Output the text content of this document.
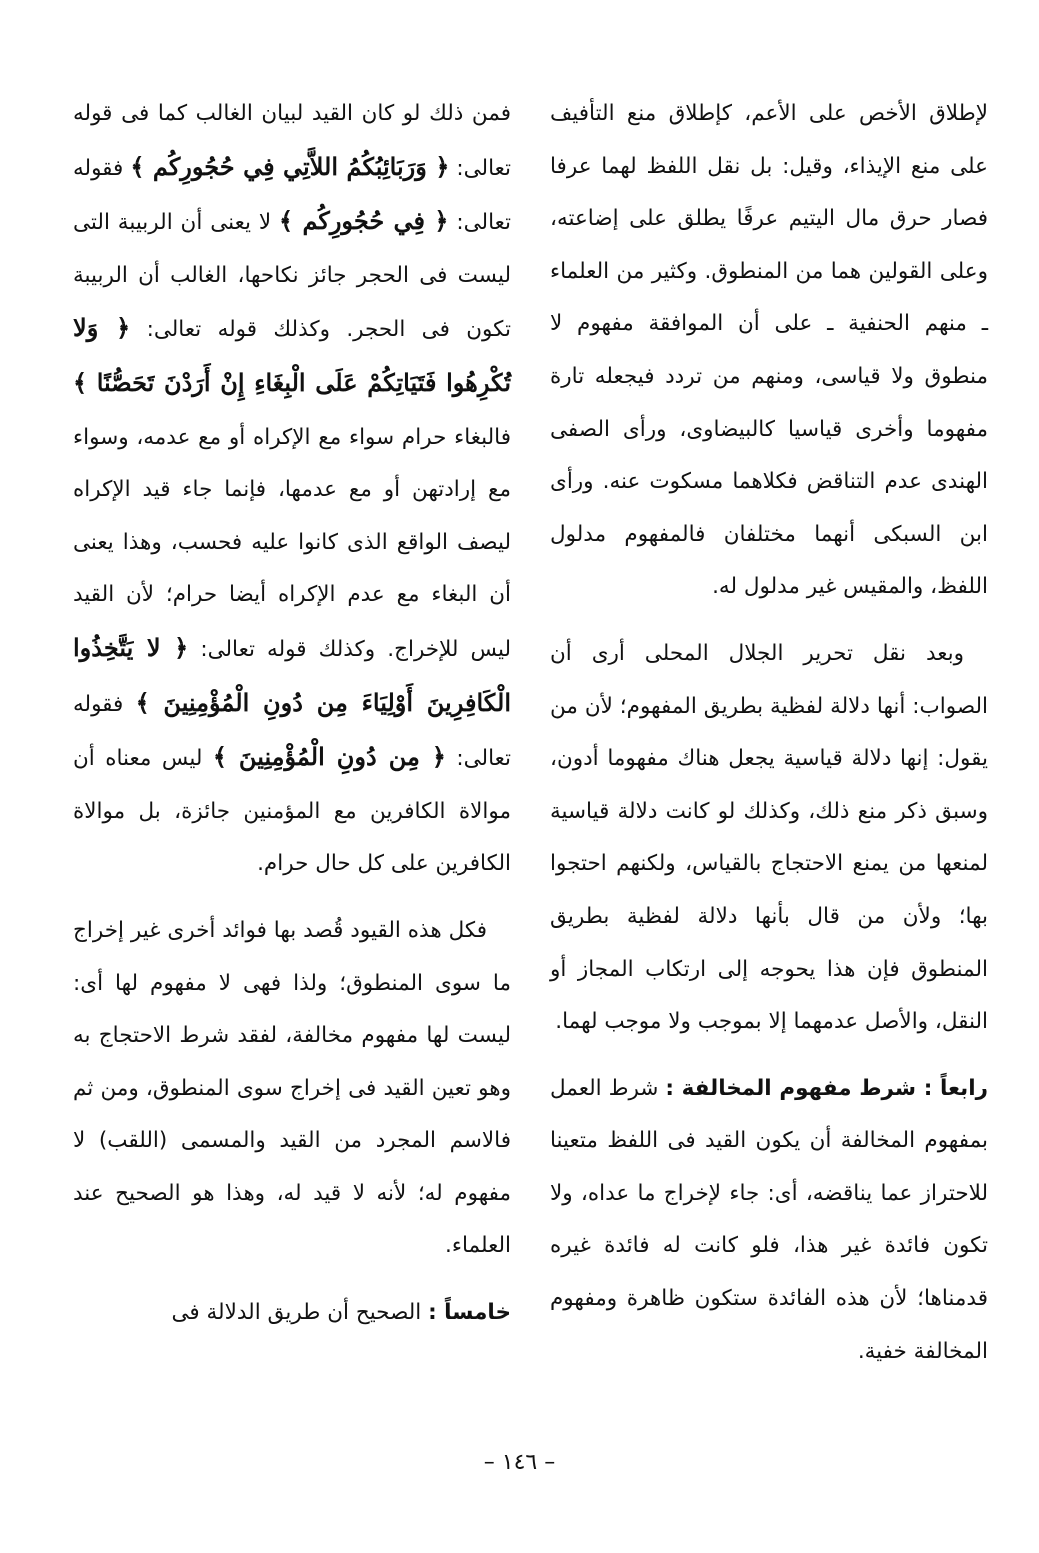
لإطلاق الأخص على الأعم، كإطلاق منع التأفيف على منع الإيذاء، وقيل: بل نقل اللفظ لهما عرفا فصار حرق مال اليتيم عرفًا يطلق على إضاعته، وعلى القولين هما من المنطوق. وكثير من العلماء ـ منهم الحنفية ـ على أن الموافقة مفهوم لا منطوق ولا قياسى، ومنهم من تردد فيجعله تارة مفهوما وأخرى قياسيا كالبيضاوى، ورأى الصفى الهندى عدم التناقض فكلاهما مسكوت عنه. ورأى ابن السبكى أنهما مختلفان فالمفهوم مدلول اللفظ، والمقيس غير مدلول له.

وبعد نقل تحرير الجلال المحلى أرى أن الصواب: أنها دلالة لفظية بطريق المفهوم؛ لأن من يقول: إنها دلالة قياسية يجعل هناك مفهوما أدون، وسبق ذكر منع ذلك، وكذلك لو كانت دلالة قياسية لمنعها من يمنع الاحتجاج بالقياس، ولكنهم احتجوا بها؛ ولأن من قال بأنها دلالة لفظية بطريق المنطوق فإن هذا يحوجه إلى ارتكاب المجاز أو النقل، والأصل عدمهما إلا بموجب ولا موجب لهما.

رابعاً : شرط مفهوم المخالفة : شرط العمل بمفهوم المخالفة أن يكون القيد فى اللفظ متعينا للاحتراز عما يناقضه، أى: جاء لإخراج ما عداه، ولا تكون فائدة غير هذا، فلو كانت له فائدة غيره قدمناها؛ لأن هذه الفائدة ستكون ظاهرة ومفهوم المخالفة خفية.

فمن ذلك لو كان القيد لبيان الغالب كما فى قوله تعالى: ﴿ وَرَبَائِبُكُمُ اللاَّتِي فِي حُجُورِكُم ﴾ فقوله تعالى: ﴿ فِي حُجُورِكُم ﴾ لا يعنى أن الربيبة التى ليست فى الحجر جائز نكاحها، الغالب أن الربيبة تكون فى الحجر. وكذلك قوله تعالى: ﴿ وَلا تُكْرِهُوا فَتَيَاتِكُمْ عَلَى الْبِغَاءِ إِنْ أَرَدْنَ تَحَصُّنًا ﴾ فالبغاء حرام سواء مع الإكراه أو مع عدمه، وسواء مع إرادتهن أو مع عدمها، فإنما جاء قيد الإكراه ليصف الواقع الذى كانوا عليه فحسب، وهذا يعنى أن البغاء مع عدم الإكراه أيضا حرام؛ لأن القيد ليس للإخراج. وكذلك قوله تعالى: ﴿ لا يَتَّخِذُوا الْكَافِرِينَ أَوْلِيَاءَ مِن دُونِ الْمُؤْمِنِينَ ﴾ فقوله تعالى: ﴿ مِن دُونِ الْمُؤْمِنِينَ ﴾ ليس معناه أن موالاة الكافرين مع المؤمنين جائزة، بل موالاة الكافرين على كل حال حرام.

فكل هذه القيود قُصد بها فوائد أخرى غير إخراج ما سوى المنطوق؛ ولذا فهى لا مفهوم لها أى: ليست لها مفهوم مخالفة، لفقد شرط الاحتجاج به وهو تعين القيد فى إخراج سوى المنطوق، ومن ثم فالاسم المجرد من القيد والمسمى (اللقب) لا مفهوم له؛ لأنه لا قيد له، وهذا هو الصحيح عند العلماء.

خامساً : الصحيح أن طريق الدلالة فى

– ١٤٦ –
